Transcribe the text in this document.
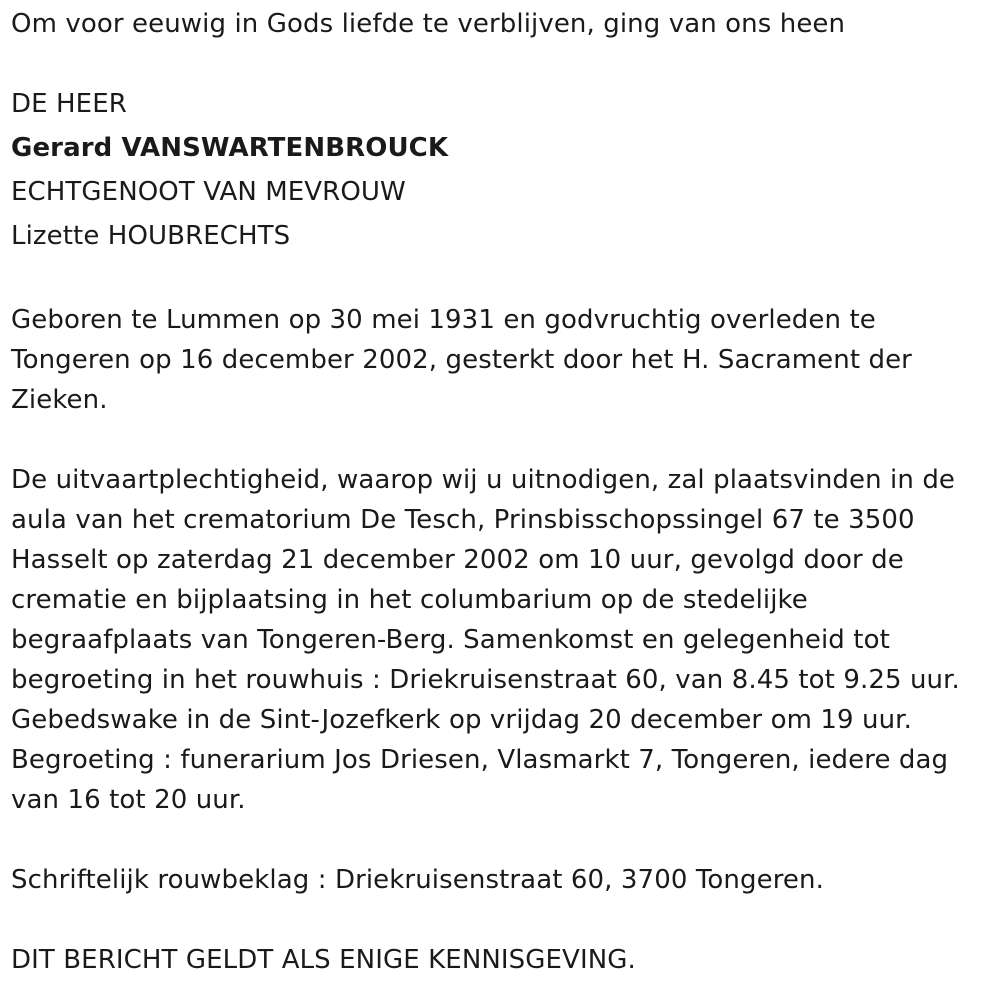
Om voor eeuwig in Gods liefde te verblijven, ging van ons heen

DE HEER

Gerard VANSWARTENBROUCK

ECHTGENOOT VAN MEVROUW

Lizette HOUBRECHTS

Geboren te Lummen op 30 mei 1931 en godvruchtig overleden te

Tongeren op 16 december 2002, gesterkt door het H. Sacrament der

Zieken.

De uitvaartplechtigheid, waarop wij u uitnodigen, zal plaatsvinden in de

aula van het crematorium De Tesch, Prinsbisschopssingel 67 te 3500

Hasselt op zaterdag 21 december 2002 om 10 uur, gevolgd door de

crematie en bijplaatsing in het columbarium op de stedelijke

begraafplaats van Tongeren-Berg. Samenkomst en gelegenheid tot

begroeting in het rouwhuis : Driekruisenstraat 60, van 8.45 tot 9.25 uur.

Gebedswake in de Sint-Jozefkerk op vrijdag 20 december om 19 uur.

Begroeting : funerarium Jos Driesen, Vlasmarkt 7, Tongeren, iedere dag

van 16 tot 20 uur.

Schriftelijk rouwbeklag : Driekruisenstraat 60, 3700 Tongeren.

DIT BERICHT GELDT ALS ENIGE KENNISGEVING.
